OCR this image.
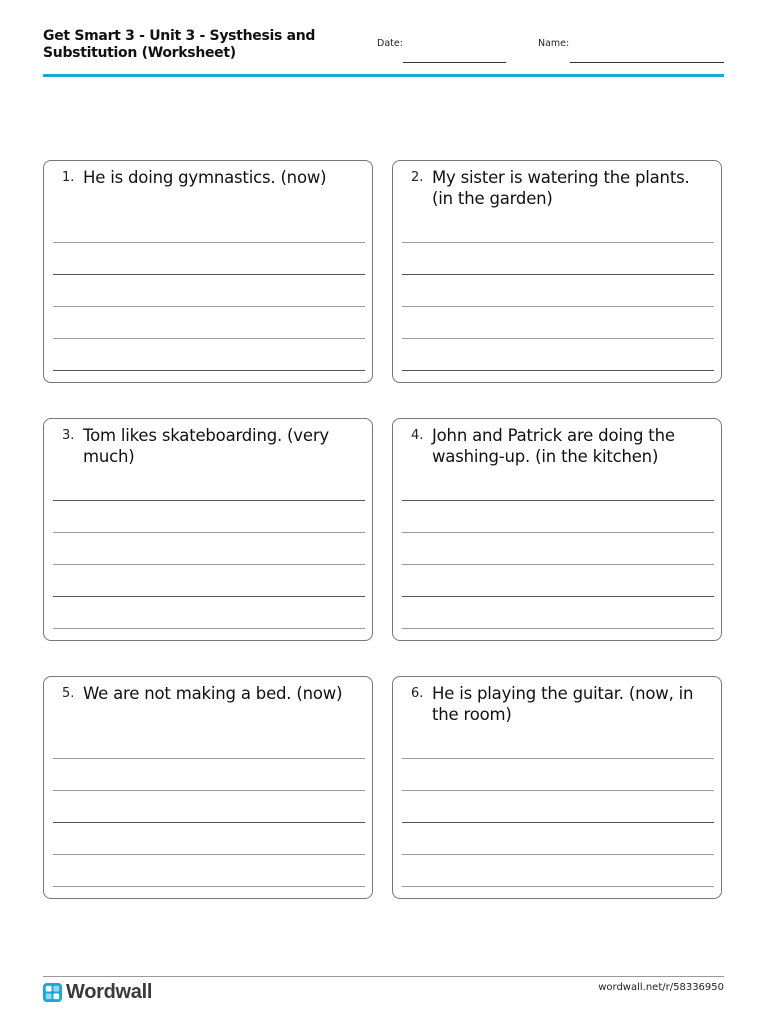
Get Smart 3 - Unit 3 - Systhesis and Substitution (Worksheet)
Date:	Name:
1. He is doing gymnastics. (now)	2. My sister is watering the plants. (in the garden)
3. Tom likes skateboarding. (very much)
4. John and Patrick are doing the washing-up. (in the kitchen)
5. We are not making a bed. (now)	6. He is playing the guitar. (now, in the room)
Wordwall	wordwall.net/r/58336950
